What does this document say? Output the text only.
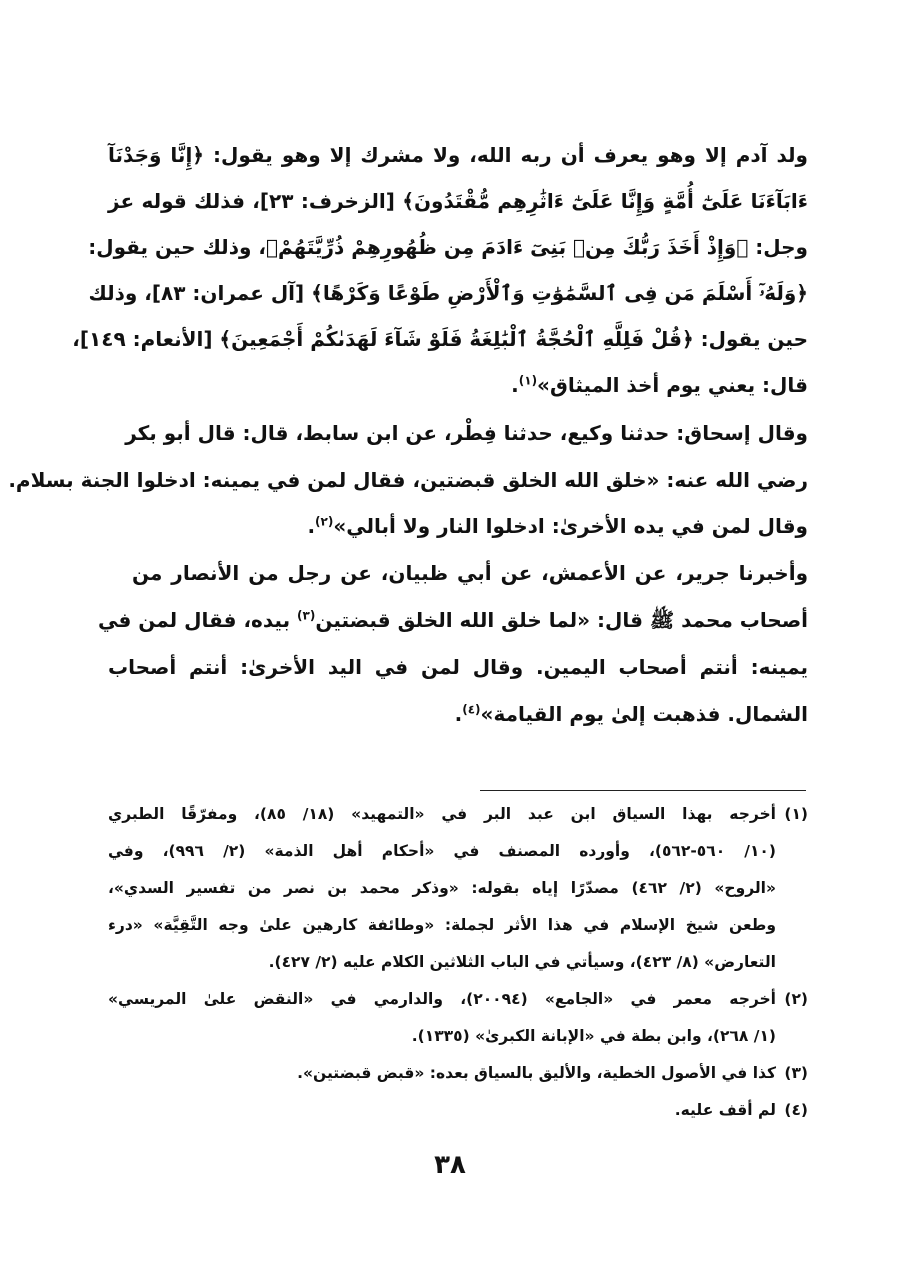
ولد آدم إلا وهو يعرف أن ربه الله، ولا مشرك إلا وهو يقول: ﴿إِنَّا وَجَدْنَآ
ءَابَآءَنَا عَلَىٰٓ أُمَّةٍ وَإِنَّا عَلَىٰٓ ءَاثَٰرِهِم مُّقْتَدُونَ﴾ [الزخرف: ٢٣]، فذلك قوله عز
وجل: ﴿وَإِذْ أَخَذَ رَبُّكَ مِنۢ بَنِىٓ ءَادَمَ مِن ظُهُورِهِمْ ذُرِّيَّتَهُمْ﴾، وذلك حين يقول:
﴿وَلَهُۥٓ أَسْلَمَ مَن فِى ٱلسَّمَٰوَٰتِ وَٱلْأَرْضِ طَوْعًا وَكَرْهًا﴾ [آل عمران: ٨٣]، وذلك
حين يقول: ﴿قُلْ فَلِلَّهِ ٱلْحُجَّةُ ٱلْبَٰلِغَةُ فَلَوْ شَآءَ لَهَدَىٰكُمْ أَجْمَعِينَ﴾ [الأنعام: ١٤٩]،
قال: يعني يوم أخذ الميثاق»$^{(١)}$.
وقال إسحاق: حدثنا وكيع، حدثنا فِطْر، عن ابن سابط، قال: قال أبو بكر
رضي الله عنه: «خلق الله الخلق قبضتين، فقال لمن في يمينه: ادخلوا الجنة بسلام.
وقال لمن في يده الأخرىٰ: ادخلوا النار ولا أبالي»$^{(٢)}$.
وأخبرنا جرير، عن الأعمش، عن أبي ظبيان، عن رجل من الأنصار من
أصحاب محمد ﷺ قال: «لما خلق الله الخلق قبضتين$^{(٣)}$ بيده، فقال لمن في
يمينه: أنتم أصحاب اليمين. وقال لمن في اليد الأخرىٰ: أنتم أصحاب
الشمال. فذهبت إلىٰ يوم القيامة»$^{(٤)}$.
(١)
أخرجه بهذا السياق ابن عبد البر في «التمهيد» (١٨/ ٨٥)، ومفرّقًا الطبري
(١٠/ ٥٦٠-٥٦٢)، وأورده المصنف في «أحكام أهل الذمة» (٢/ ٩٩٦)، وفي
«الروح» (٢/ ٤٦٢) مصدّرًا إياه بقوله: «وذكر محمد بن نصر من تفسير السدي»،
وطعن شيخ الإسلام في هذا الأثر لجملة: «وطائفة كارهين علىٰ وجه التَّقِيَّة» «درء
التعارض» (٨/ ٤٢٣)، وسيأتي في الباب الثلاثين الكلام عليه (٢/ ٤٢٧).
(٢)
أخرجه معمر في «الجامع» (٢٠٠٩٤)، والدارمي في «النقض علىٰ المريسي»
(١/ ٢٦٨)، وابن بطة في «الإبانة الكبرىٰ» (١٣٣٥).
(٣)
كذا في الأصول الخطية، والأليق بالسياق بعده: «قبض قبضتين».
(٤)
لم أقف عليه.
٣٨
